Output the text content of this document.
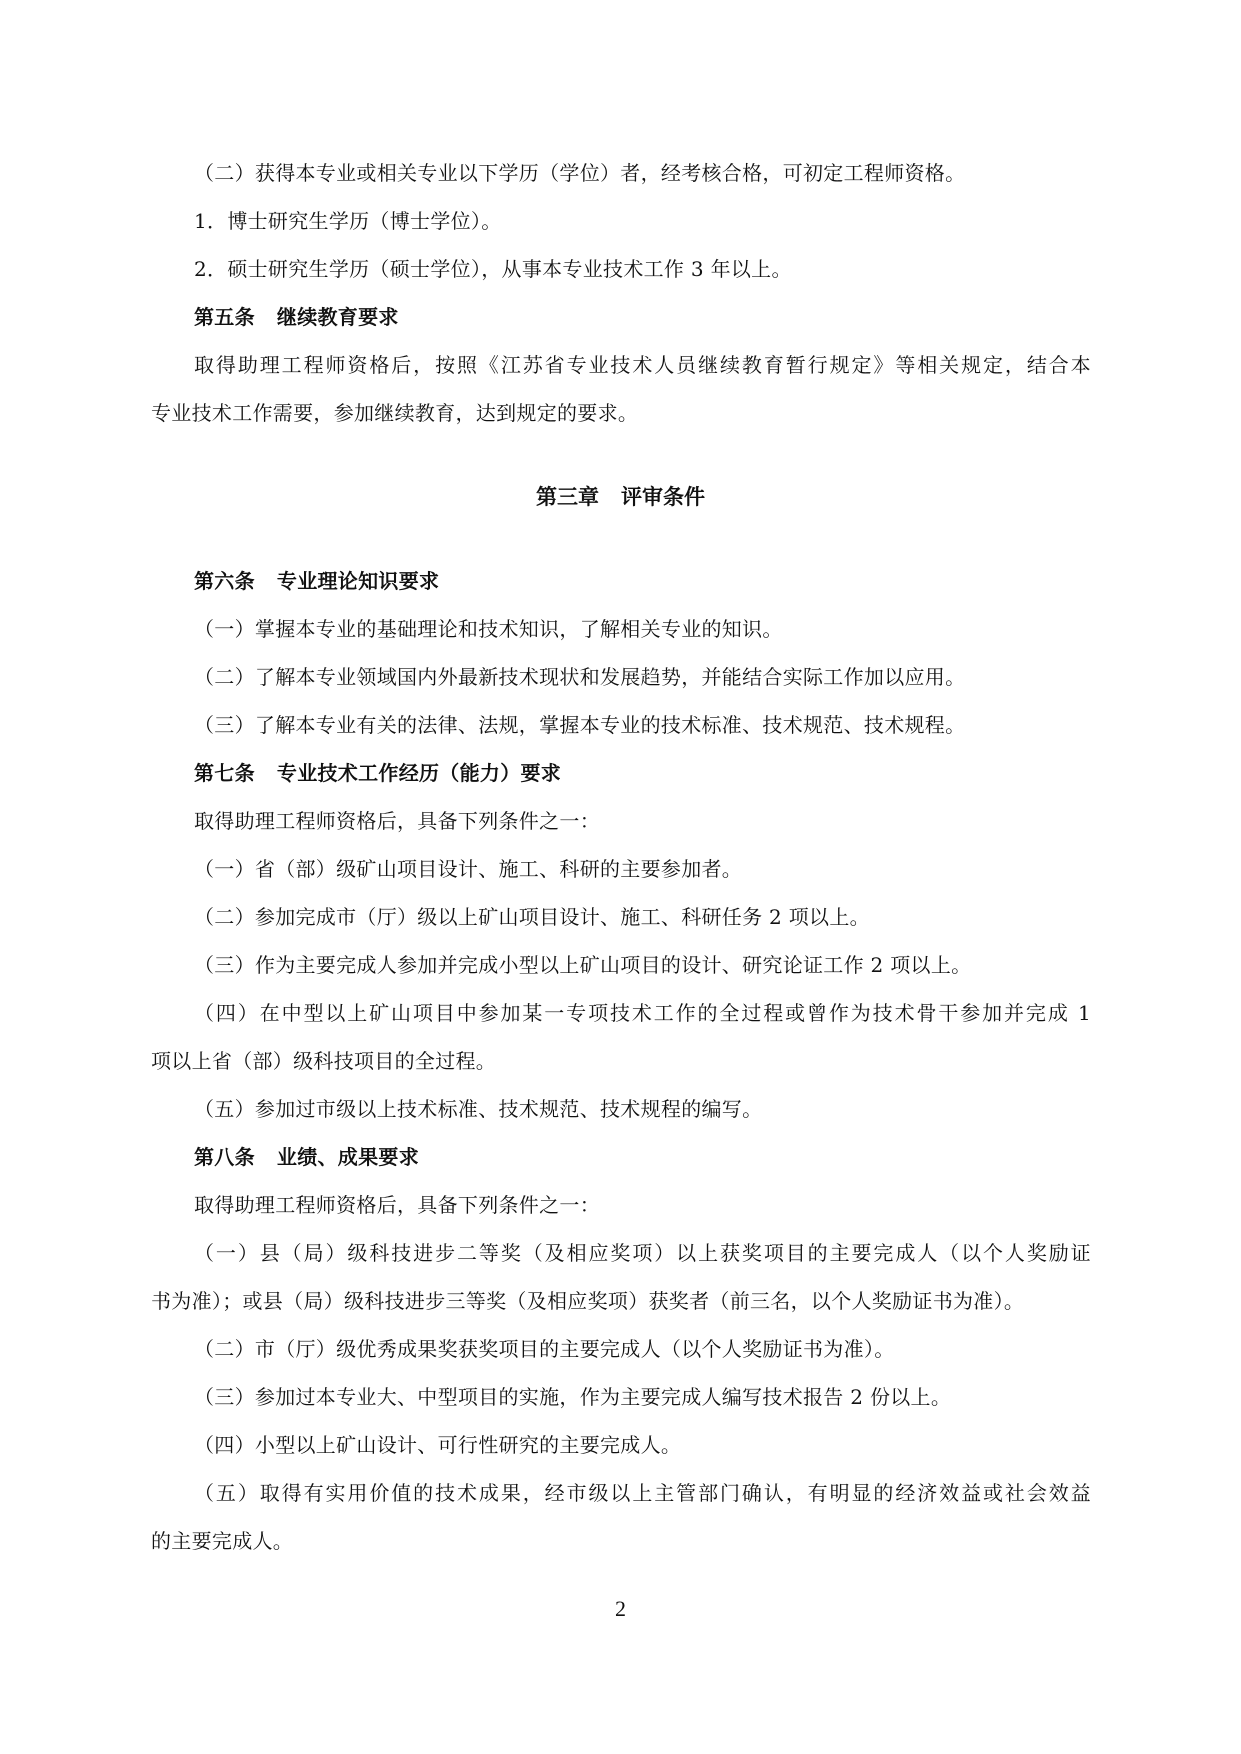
（二）获得本专业或相关专业以下学历（学位）者，经考核合格，可初定工程师资格。
1．博士研究生学历（博士学位）。
2．硕士研究生学历（硕士学位），从事本专业技术工作 3 年以上。
第五条 继续教育要求
取得助理工程师资格后，按照《江苏省专业技术人员继续教育暂行规定》等相关规定，结合本
专业技术工作需要，参加继续教育，达到规定的要求。
第三章 评审条件
第六条 专业理论知识要求
（一）掌握本专业的基础理论和技术知识，了解相关专业的知识。
（二）了解本专业领域国内外最新技术现状和发展趋势，并能结合实际工作加以应用。
（三）了解本专业有关的法律、法规，掌握本专业的技术标准、技术规范、技术规程。
第七条 专业技术工作经历（能力）要求
取得助理工程师资格后，具备下列条件之一：
（一）省（部）级矿山项目设计、施工、科研的主要参加者。
（二）参加完成市（厅）级以上矿山项目设计、施工、科研任务 2 项以上。
（三）作为主要完成人参加并完成小型以上矿山项目的设计、研究论证工作 2 项以上。
（四）在中型以上矿山项目中参加某一专项技术工作的全过程或曾作为技术骨干参加并完成 1
项以上省（部）级科技项目的全过程。
（五）参加过市级以上技术标准、技术规范、技术规程的编写。
第八条 业绩、成果要求
取得助理工程师资格后，具备下列条件之一：
（一）县（局）级科技进步二等奖（及相应奖项）以上获奖项目的主要完成人（以个人奖励证
书为准）；或县（局）级科技进步三等奖（及相应奖项）获奖者（前三名，以个人奖励证书为准）。
（二）市（厅）级优秀成果奖获奖项目的主要完成人（以个人奖励证书为准）。
（三）参加过本专业大、中型项目的实施，作为主要完成人编写技术报告 2 份以上。
（四）小型以上矿山设计、可行性研究的主要完成人。
（五）取得有实用价值的技术成果，经市级以上主管部门确认，有明显的经济效益或社会效益
的主要完成人。
2
